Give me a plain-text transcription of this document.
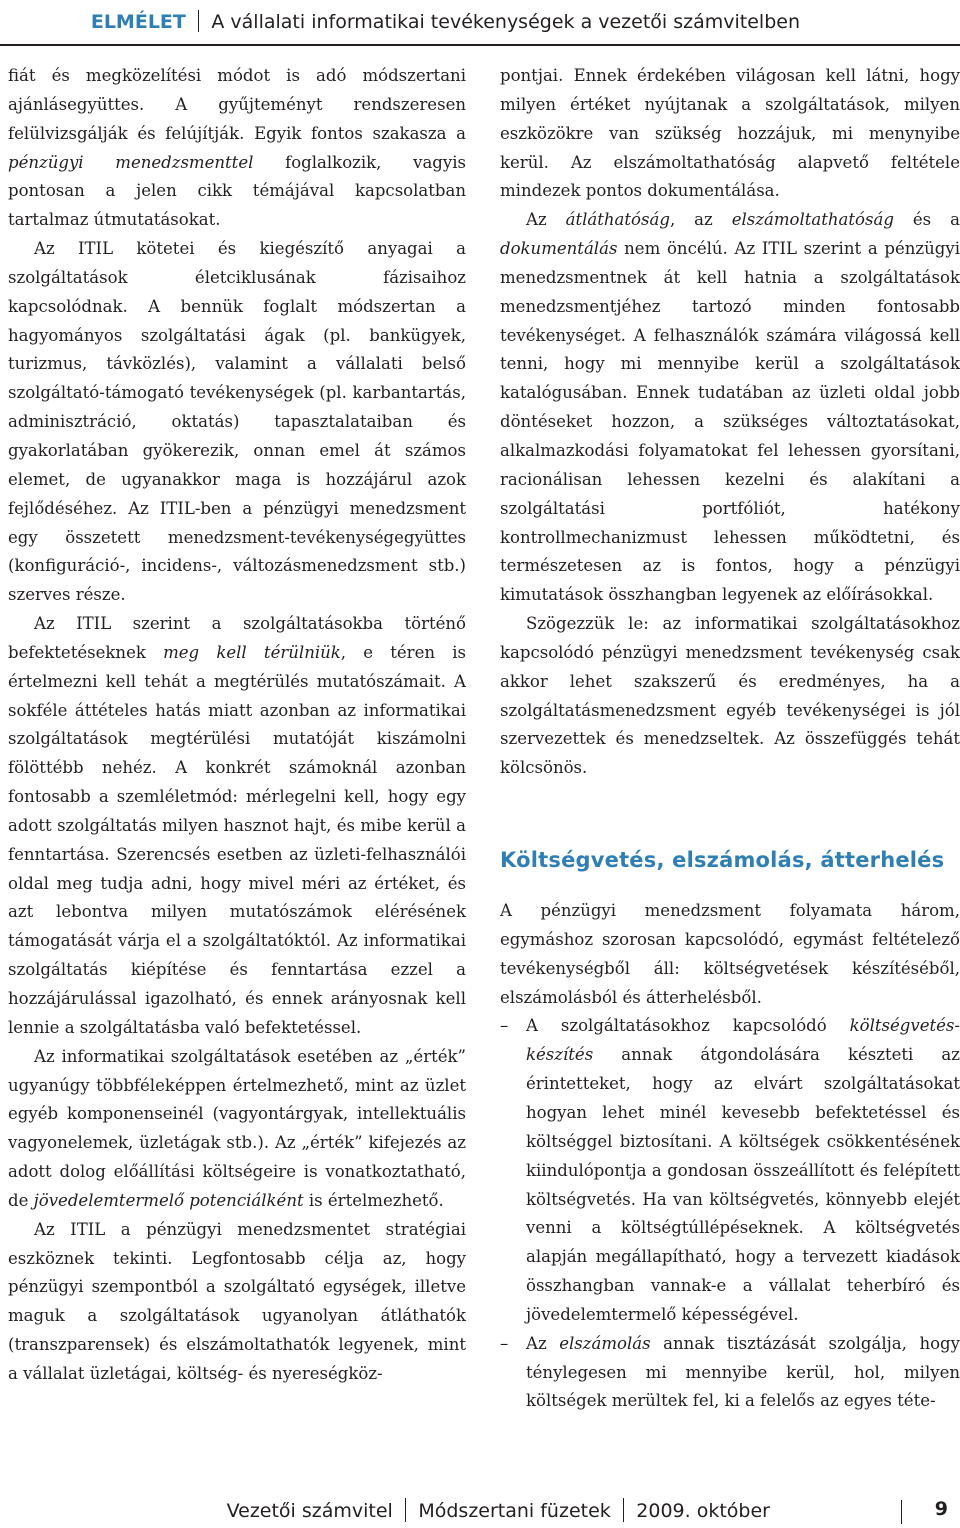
ELMÉLET A vállalati informatikai tevékenységek a vezetői számvitelben

fiát és megközelítési módot is adó módszertani ajánlásegyüttes. A gyűjteményt rendszeresen felülvizsgálják és felújítják. Egyik fontos szakasza a pénzügyi menedzsmenttel foglalkozik, vagyis pontosan a jelen cikk témájával kapcsolatban tartalmaz útmutatásokat.

Az ITIL kötetei és kiegészítő anyagai a szolgáltatások életciklusának fázisaihoz kapcsolódnak. A bennük foglalt módszertan a hagyományos szolgáltatási ágak (pl. bankügyek, turizmus, távközlés), valamint a vállalati belső szolgáltató-támogató tevékenységek (pl. karbantartás, adminisztráció, oktatás) tapasztalataiban és gyakorlatában gyökerezik, onnan emel át számos elemet, de ugyanakkor maga is hozzájárul azok fejlődéséhez. Az ITIL-ben a pénzügyi menedzsment egy összetett menedzsment-tevékenységegyüttes (konfiguráció-, incidens-, változásmenedzsment stb.) szerves része.

Az ITIL szerint a szolgáltatásokba történő befektetéseknek meg kell térülniük, e téren is értelmezni kell tehát a megtérülés mutatószámait. A sokféle áttételes hatás miatt azonban az informatikai szolgáltatások megtérülési mutatóját kiszámolni fölöttébb nehéz. A konkrét számoknál azonban fontosabb a szemléletmód: mérlegelni kell, hogy egy adott szolgáltatás milyen hasznot hajt, és mibe kerül a fenntartása. Szerencsés esetben az üzleti-felhasználói oldal meg tudja adni, hogy mivel méri az értéket, és azt lebontva milyen mutatószámok elérésének támogatását várja el a szolgáltatóktól. Az informatikai szolgáltatás kiépítése és fenntartása ezzel a hozzájárulással igazolható, és ennek arányosnak kell lennie a szolgáltatásba való befektetéssel.

Az informatikai szolgáltatások esetében az „érték” ugyanúgy többféleképpen értelmezhető, mint az üzlet egyéb komponenseinél (vagyontárgyak, intellektuális vagyonelemek, üzletágak stb.). Az „érték” kifejezés az adott dolog előállítási költségeire is vonatkoztatható, de jövedelemtermelő potenciálként is értelmezhető.

Az ITIL a pénzügyi menedzsmentet stratégiai eszköznek tekinti. Legfontosabb célja az, hogy pénzügyi szempontból a szolgáltató egységek, illetve maguk a szolgáltatások ugyanolyan átláthatók (transzparensek) és elszámoltathatók legyenek, mint a vállalat üzletágai, költség- és nyereségköz-

pontjai. Ennek érdekében világosan kell látni, hogy milyen értéket nyújtanak a szolgáltatások, milyen eszközökre van szükség hozzájuk, mi menynyibe kerül. Az elszámoltathatóság alapvető feltétele mindezek pontos dokumentálása.

Az átláthatóság, az elszámoltathatóság és a dokumentálás nem öncélú. Az ITIL szerint a pénzügyi menedzsmentnek át kell hatnia a szolgáltatások menedzsmentjéhez tartozó minden fontosabb tevékenységet. A felhasználók számára világossá kell tenni, hogy mi mennyibe kerül a szolgáltatások katalógusában. Ennek tudatában az üzleti oldal jobb döntéseket hozzon, a szükséges változtatásokat, alkalmazkodási folyamatokat fel lehessen gyorsítani, racionálisan lehessen kezelni és alakítani a szolgáltatási portfóliót, hatékony kontrollmechanizmust lehessen működtetni, és természetesen az is fontos, hogy a pénzügyi kimutatások összhangban legyenek az előírásokkal.

Szögezzük le: az informatikai szolgáltatásokhoz kapcsolódó pénzügyi menedzsment tevékenység csak akkor lehet szakszerű és eredményes, ha a szolgáltatásmenedzsment egyéb tevékenységei is jól szervezettek és menedzseltek. Az összefüggés tehát kölcsönös.

Költségvetés, elszámolás, átterhelés

A pénzügyi menedzsment folyamata három, egymáshoz szorosan kapcsolódó, egymást feltételező tevékenységből áll: költségvetések készítéséből, elszámolásból és átterhelésből.

– A szolgáltatásokhoz kapcsolódó költségvetés-készítés annak átgondolására készteti az érintetteket, hogy az elvárt szolgáltatásokat hogyan lehet minél kevesebb befektetéssel és költséggel biztosítani. A költségek csökkentésének kiindulópontja a gondosan összeállított és felépített költségvetés. Ha van költségvetés, könnyebb elejét venni a költségtúllépéseknek. A költségvetés alapján megállapítható, hogy a tervezett kiadások összhangban vannak-e a vállalat teherbíró és jövedelemtermelő képességével.

– Az elszámolás annak tisztázását szolgálja, hogy ténylegesen mi mennyibe kerül, hol, milyen költségek merültek fel, ki a felelős az egyes téte-

Vezetői számvitel Módszertani füzetek 2009. október	9
